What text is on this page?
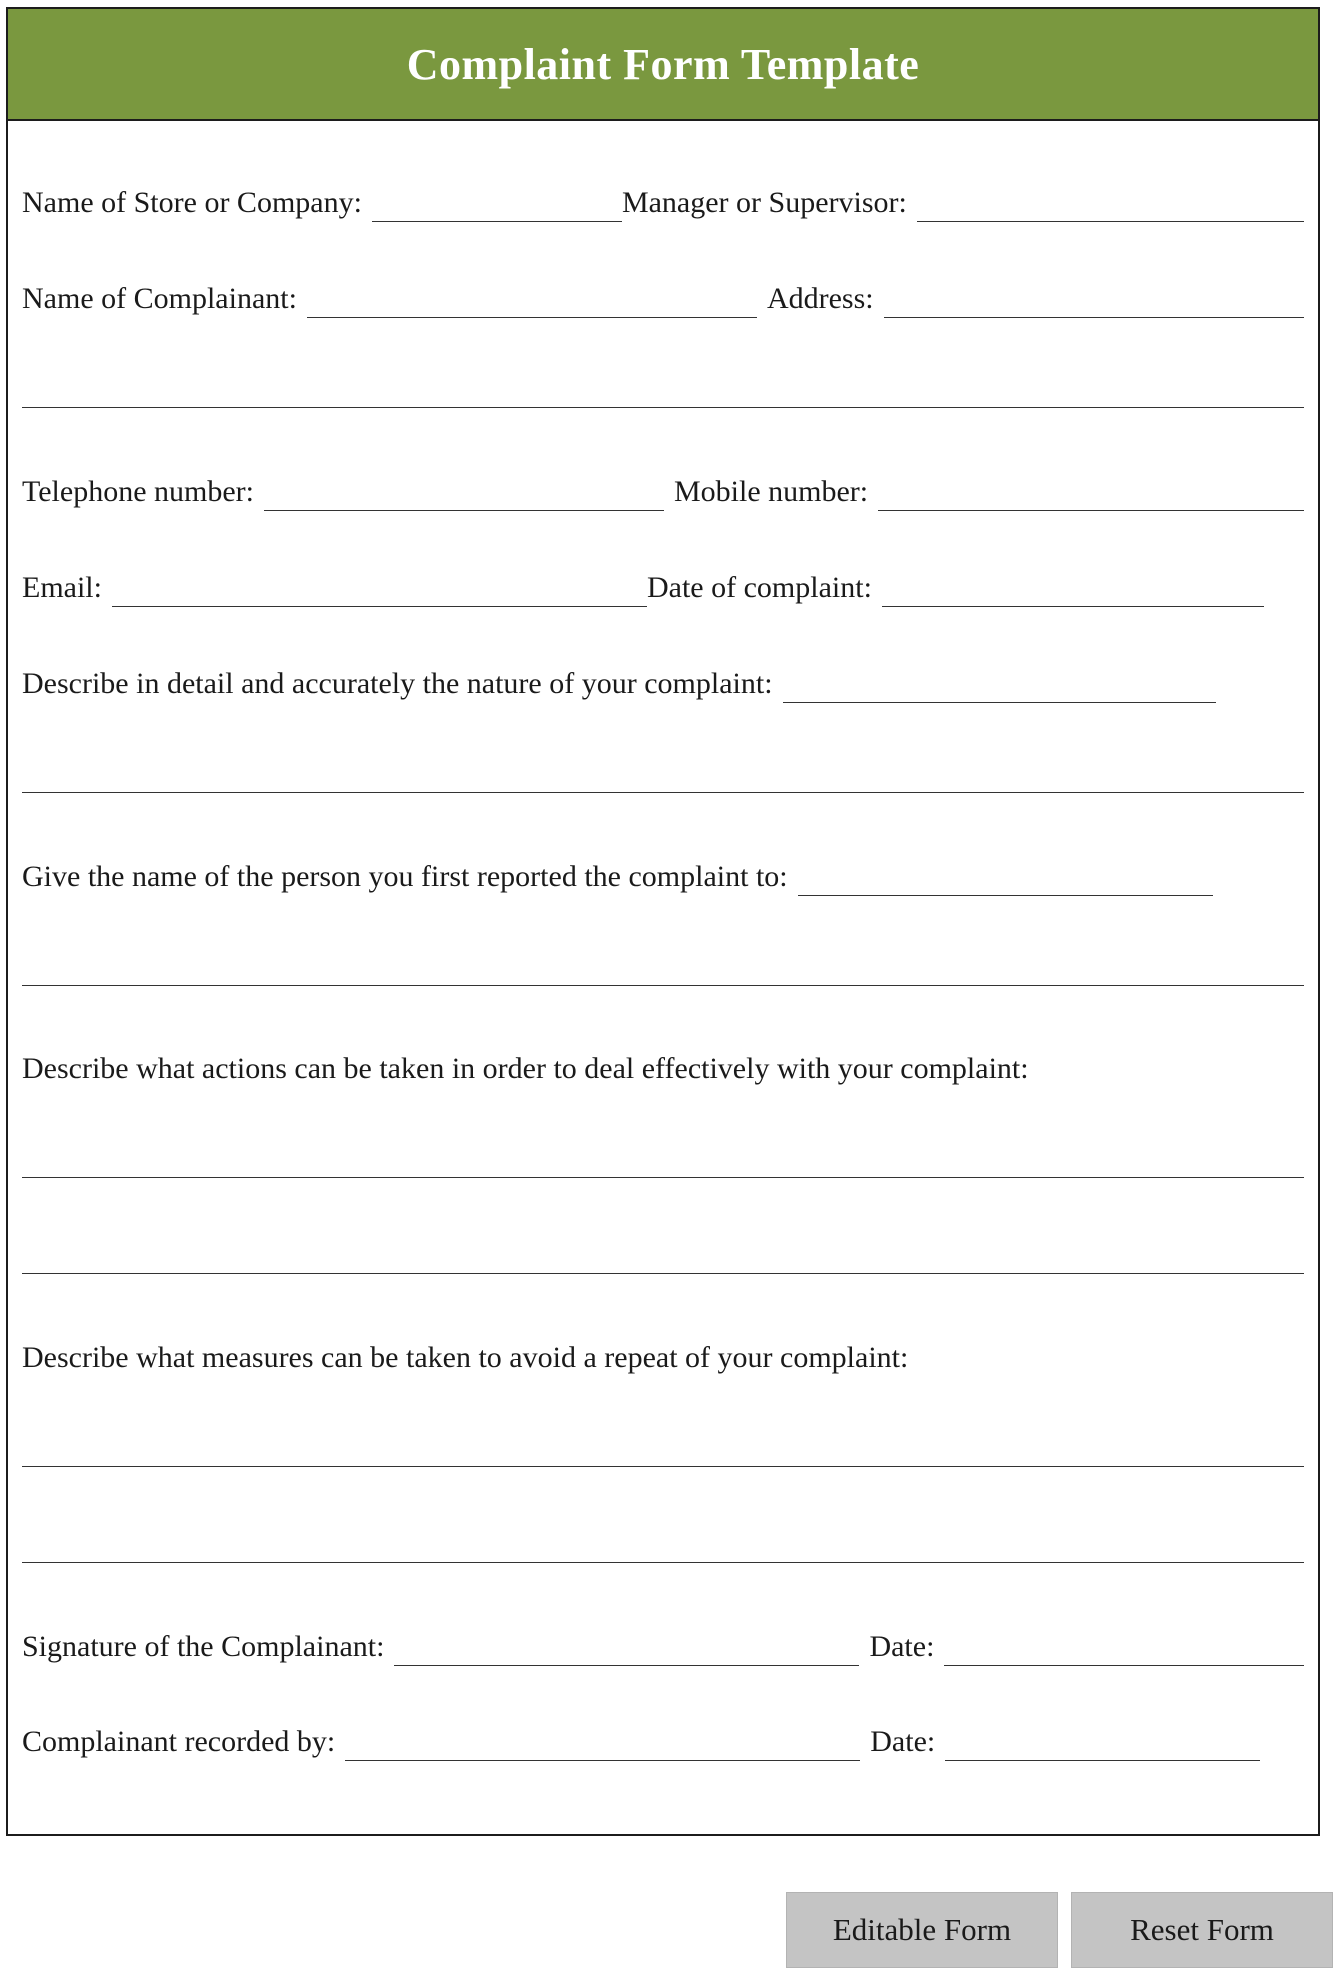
Complaint Form Template
Name of Store or Company:	Manager or Supervisor:
Name of Complainant:	Address:
Telephone number:	Mobile number:
Email:	Date of complaint:
Describe in detail and accurately the nature of your complaint:
Give the name of the person you first reported the complaint to:
Describe what actions can be taken in order to deal effectively with your complaint:
Describe what measures can be taken to avoid a repeat of your complaint:
Signature of the Complainant:	Date:
Complainant recorded by:	Date:
Editable Form	Reset Form
